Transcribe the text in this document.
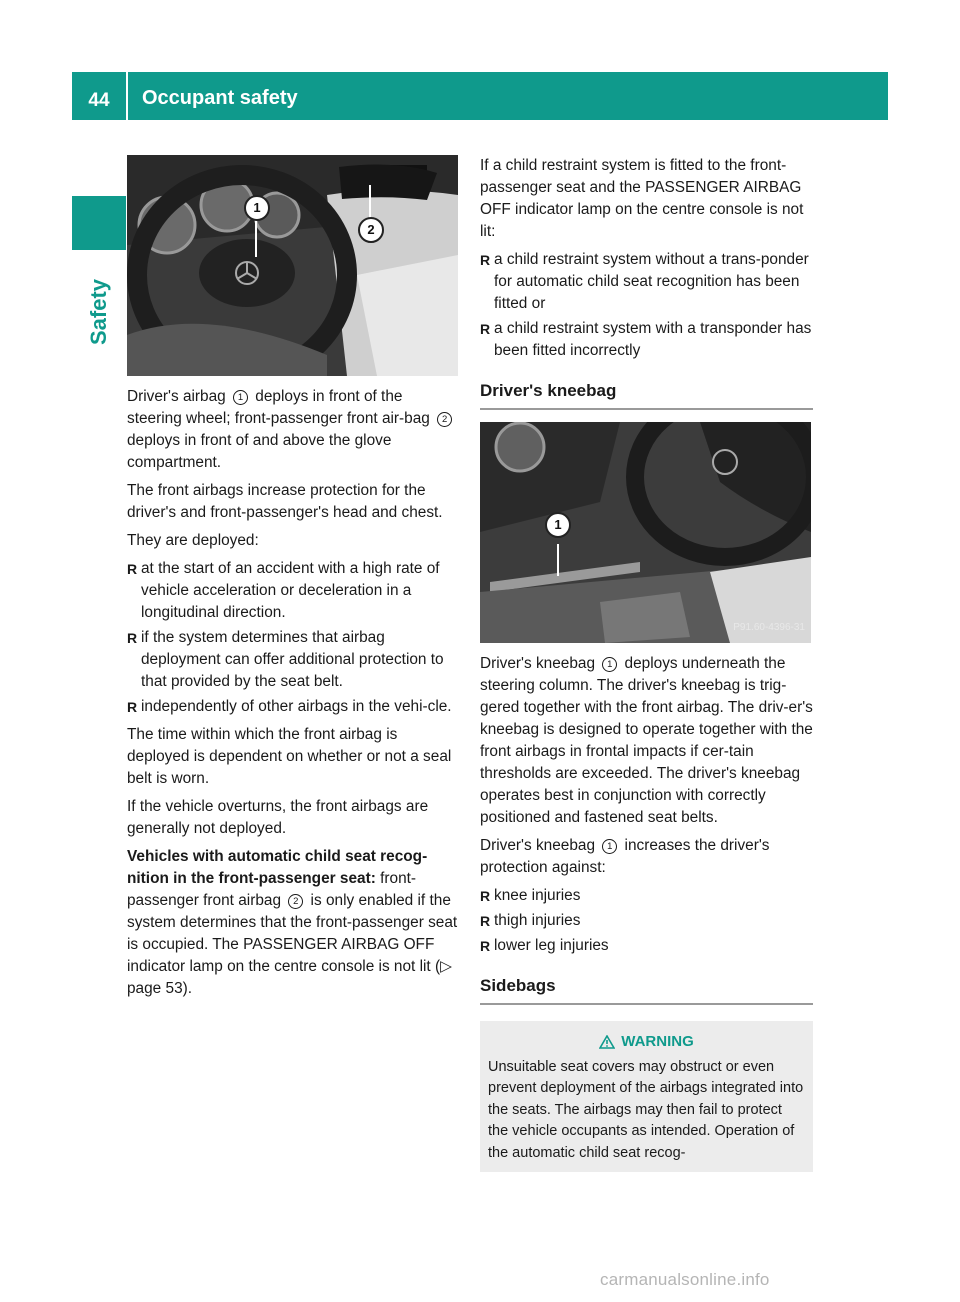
44	Occupant safety
Safety
1
2
P91.60-4395-31

Driver's airbag 1 deploys in front of the steering wheel; front-passenger front air-bag 2 deploys in front of and above the glove compartment.

The front airbags increase protection for the driver's and front-passenger's head and chest.

They are deployed:

R at the start of an accident with a high rate of vehicle acceleration or deceleration in a longitudinal direction.
R if the system determines that airbag deployment can offer additional protection to that provided by the seat belt.
R independently of other airbags in the vehi-cle.

The time within which the front airbag is deployed is dependent on whether or not a seal belt is worn.

If the vehicle overturns, the front airbags are generally not deployed.

Vehicles with automatic child seat recog-nition in the front-passenger seat: front-passenger front airbag 2 is only enabled if the system determines that the front-passenger seat is occupied. The PASSENGER AIRBAG OFF indicator lamp on the centre console is not lit (▷ page 53).

If a child restraint system is fitted to the front-passenger seat and the PASSENGER AIRBAG OFF indicator lamp on the centre console is not lit:

R a child restraint system without a trans-ponder for automatic child seat recognition has been fitted or
R a child restraint system with a transponder has been fitted incorrectly
Driver's kneebag
1
P91.60-4396-31

Driver's kneebag 1 deploys underneath the steering column. The driver's kneebag is trig-gered together with the front airbag. The driv-er's kneebag is designed to operate together with the front airbags in frontal impacts if cer-tain thresholds are exceeded. The driver's kneebag operates best in conjunction with correctly positioned and fastened seat belts.

Driver's kneebag 1 increases the driver's protection against:

R knee injuries
R thigh injuries
R lower leg injuries
Sidebags
WARNING
Unsuitable seat covers may obstruct or even prevent deployment of the airbags integrated into the seats. The airbags may then fail to protect the vehicle occupants as intended. Operation of the automatic child seat recog-
carmanualsonline.info
